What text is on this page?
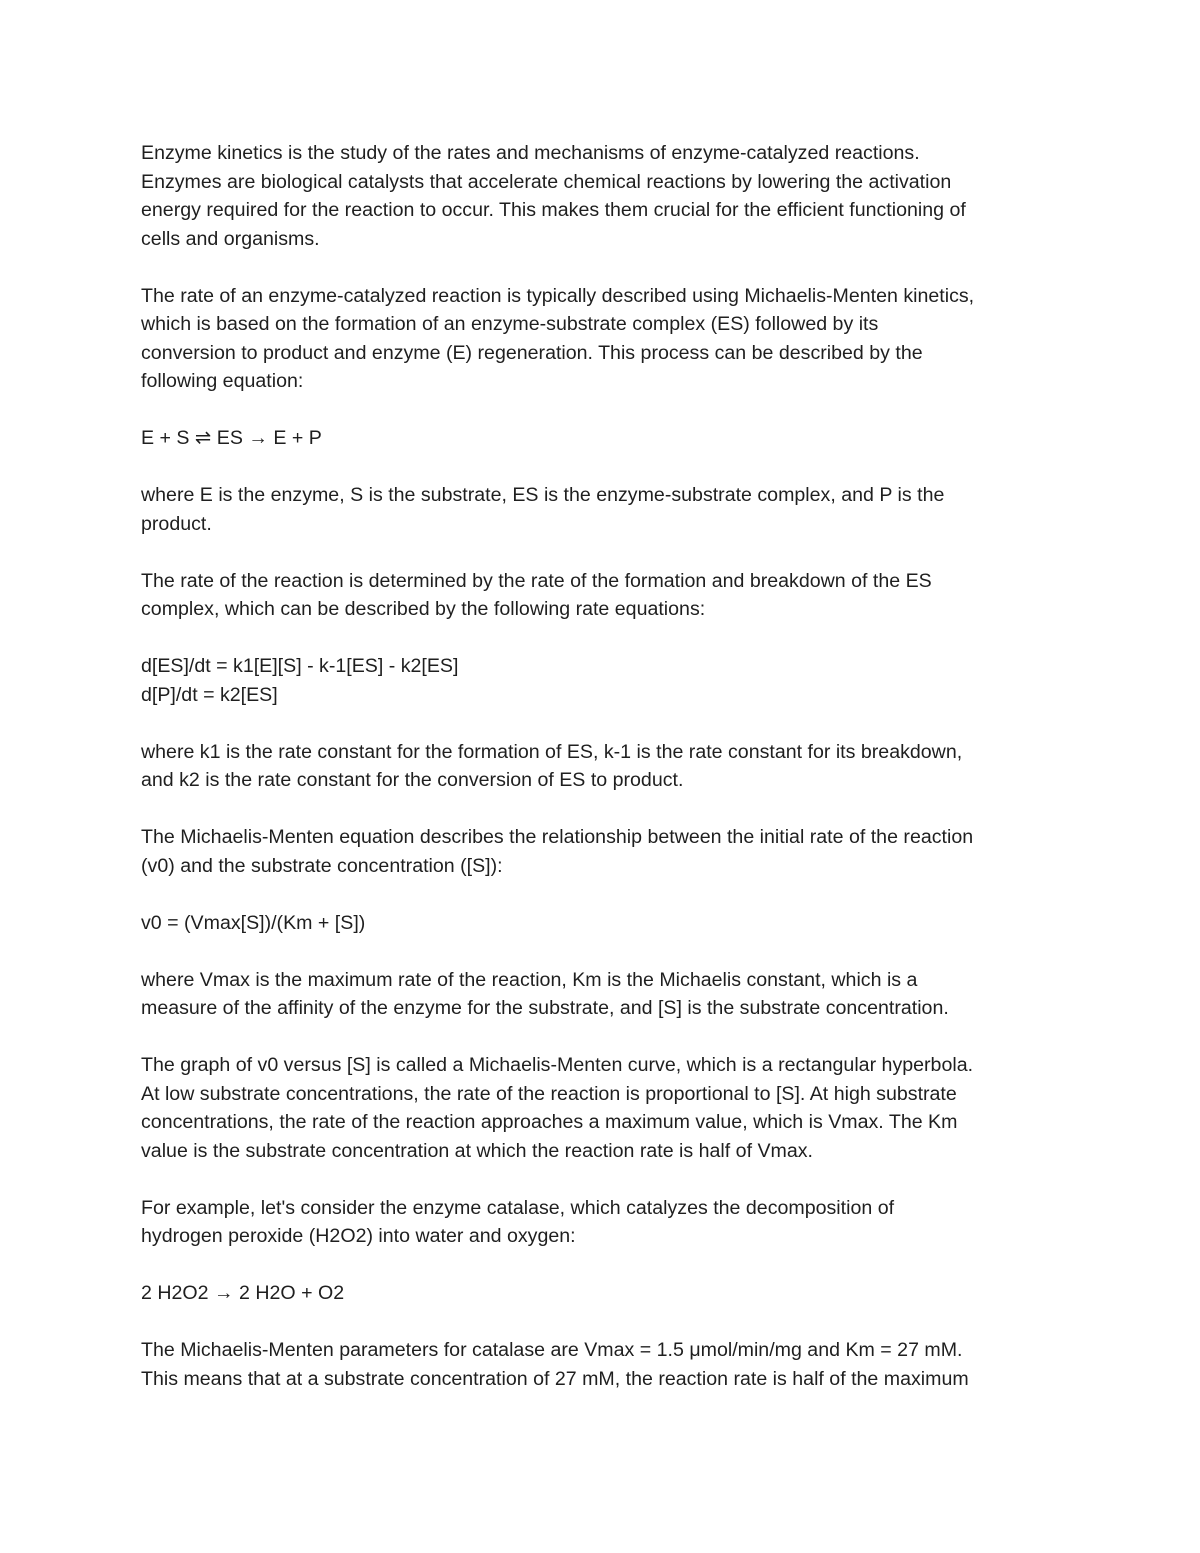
Enzyme kinetics is the study of the rates and mechanisms of enzyme-catalyzed reactions.
Enzymes are biological catalysts that accelerate chemical reactions by lowering the activation
energy required for the reaction to occur. This makes them crucial for the efficient functioning of
cells and organisms.

The rate of an enzyme-catalyzed reaction is typically described using Michaelis-Menten kinetics,
which is based on the formation of an enzyme-substrate complex (ES) followed by its
conversion to product and enzyme (E) regeneration. This process can be described by the
following equation:

E + S ⇌ ES → E + P

where E is the enzyme, S is the substrate, ES is the enzyme-substrate complex, and P is the
product.

The rate of the reaction is determined by the rate of the formation and breakdown of the ES
complex, which can be described by the following rate equations:

d[ES]/dt = k1[E][S] - k-1[ES] - k2[ES]
d[P]/dt = k2[ES]

where k1 is the rate constant for the formation of ES, k-1 is the rate constant for its breakdown,
and k2 is the rate constant for the conversion of ES to product.

The Michaelis-Menten equation describes the relationship between the initial rate of the reaction
(v0) and the substrate concentration ([S]):

v0 = (Vmax[S])/(Km + [S])

where Vmax is the maximum rate of the reaction, Km is the Michaelis constant, which is a
measure of the affinity of the enzyme for the substrate, and [S] is the substrate concentration.

The graph of v0 versus [S] is called a Michaelis-Menten curve, which is a rectangular hyperbola.
At low substrate concentrations, the rate of the reaction is proportional to [S]. At high substrate
concentrations, the rate of the reaction approaches a maximum value, which is Vmax. The Km
value is the substrate concentration at which the reaction rate is half of Vmax.

For example, let's consider the enzyme catalase, which catalyzes the decomposition of
hydrogen peroxide (H2O2) into water and oxygen:

2 H2O2 → 2 H2O + O2

The Michaelis-Menten parameters for catalase are Vmax = 1.5 μmol/min/mg and Km = 27 mM.
This means that at a substrate concentration of 27 mM, the reaction rate is half of the maximum
